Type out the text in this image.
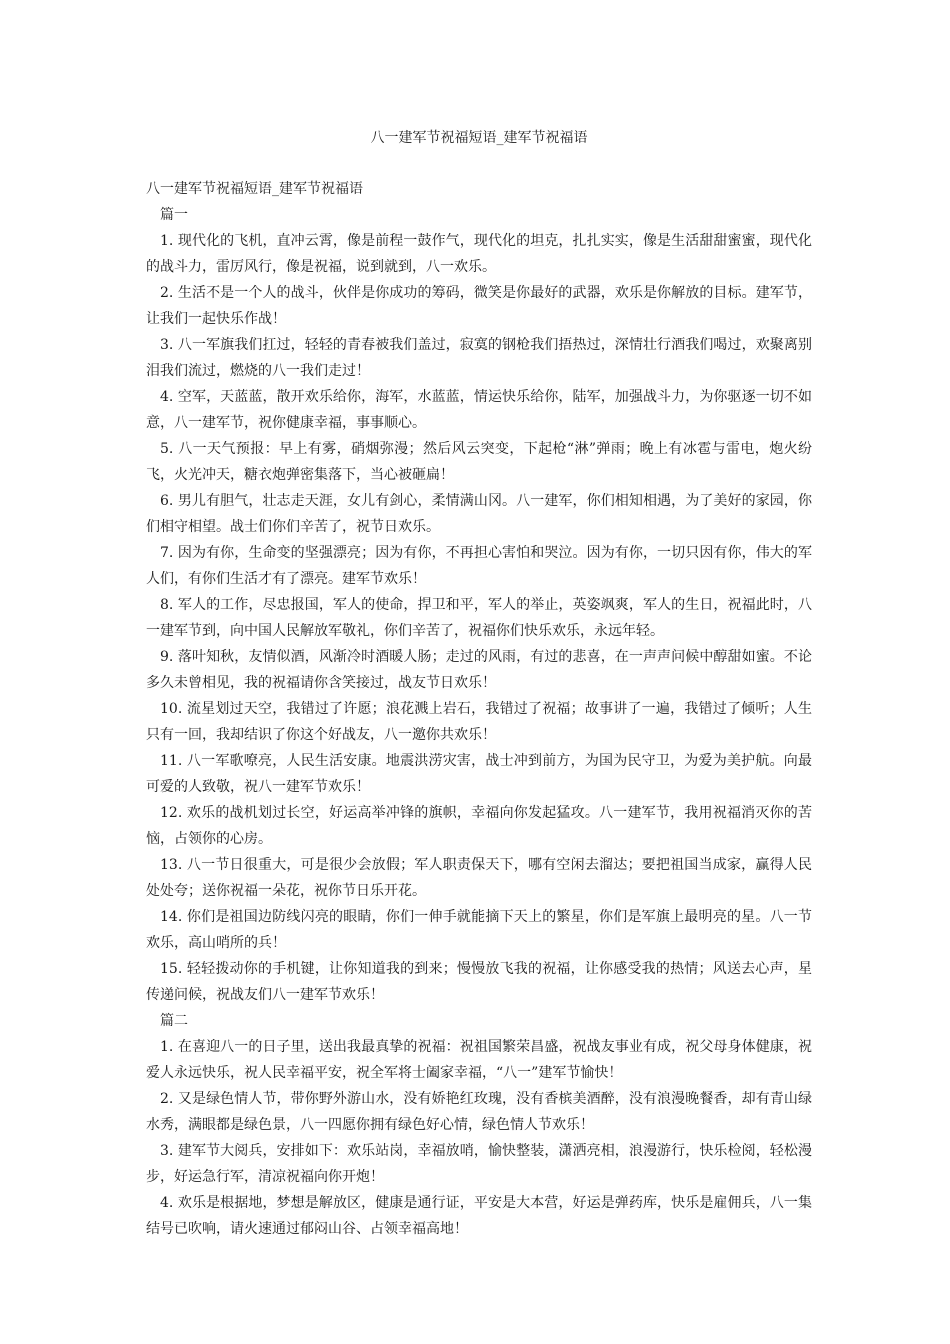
八一建军节祝福短语_建军节祝福语

八一建军节祝福短语_建军节祝福语

篇一

1. 现代化的飞机，直冲云霄，像是前程一鼓作气，现代化的坦克，扎扎实实，像是生活甜甜蜜蜜，现代化的战斗力，雷厉风行，像是祝福，说到就到，八一欢乐。

2. 生活不是一个人的战斗，伙伴是你成功的筹码，微笑是你最好的武器，欢乐是你解放的目标。建军节，让我们一起快乐作战！

3. 八一军旗我们扛过，轻轻的青春被我们盖过，寂寞的钢枪我们捂热过，深情壮行酒我们喝过，欢聚离别泪我们流过，燃烧的八一我们走过！

4. 空军，天蓝蓝，散开欢乐给你，海军，水蓝蓝，情运快乐给你，陆军，加强战斗力，为你驱逐一切不如意，八一建军节，祝你健康幸福，事事顺心。

5. 八一天气预报：早上有雾，硝烟弥漫；然后风云突变，下起枪“淋”弹雨；晚上有冰雹与雷电，炮火纷飞，火光冲天，糖衣炮弹密集落下，当心被砸扁！

6. 男儿有胆气，壮志走天涯，女儿有剑心，柔情满山冈。八一建军，你们相知相遇，为了美好的家园，你们相守相望。战士们你们辛苦了，祝节日欢乐。

7. 因为有你，生命变的坚强漂亮；因为有你，不再担心害怕和哭泣。因为有你，一切只因有你，伟大的军人们，有你们生活才有了漂亮。建军节欢乐！

8. 军人的工作，尽忠报国，军人的使命，捍卫和平，军人的举止，英姿飒爽，军人的生日，祝福此时，八一建军节到，向中国人民解放军敬礼，你们辛苦了，祝福你们快乐欢乐，永远年轻。

9. 落叶知秋，友情似酒，风渐冷时酒暖人肠；走过的风雨，有过的悲喜，在一声声问候中醇甜如蜜。不论多久未曾相见，我的祝福请你含笑接过，战友节日欢乐！

10. 流星划过天空，我错过了许愿；浪花溅上岩石，我错过了祝福；故事讲了一遍，我错过了倾听；人生只有一回，我却结识了你这个好战友，八一邀你共欢乐！

11. 八一军歌嘹亮，人民生活安康。地震洪涝灾害，战士冲到前方，为国为民守卫，为爱为美护航。向最可爱的人致敬，祝八一建军节欢乐！

12. 欢乐的战机划过长空，好运高举冲锋的旗帜，幸福向你发起猛攻。八一建军节，我用祝福消灭你的苦恼，占领你的心房。

13. 八一节日很重大，可是很少会放假；军人职责保天下，哪有空闲去溜达；要把祖国当成家，赢得人民处处夸；送你祝福一朵花，祝你节日乐开花。

14. 你们是祖国边防线闪亮的眼睛，你们一伸手就能摘下天上的繁星，你们是军旗上最明亮的星。八一节欢乐，高山哨所的兵！

15. 轻轻拨动你的手机键，让你知道我的到来；慢慢放飞我的祝福，让你感受我的热情；风送去心声，星传递问候，祝战友们八一建军节欢乐！

篇二

1. 在喜迎八一的日子里，送出我最真挚的祝福：祝祖国繁荣昌盛，祝战友事业有成，祝父母身体健康，祝爱人永远快乐，祝人民幸福平安，祝全军将士阖家幸福，“八一”建军节愉快！

2. 又是绿色情人节，带你野外游山水，没有娇艳红玫瑰，没有香槟美酒醉，没有浪漫晚餐香，却有青山绿水秀，满眼都是绿色景，八一四愿你拥有绿色好心情，绿色情人节欢乐！

3. 建军节大阅兵，安排如下：欢乐站岗，幸福放哨，愉快整装，潇洒亮相，浪漫游行，快乐检阅，轻松漫步，好运急行军，清凉祝福向你开炮！

4. 欢乐是根据地，梦想是解放区，健康是通行证，平安是大本营，好运是弹药库，快乐是雇佣兵，八一集结号已吹响，请火速通过郁闷山谷、占领幸福高地！
